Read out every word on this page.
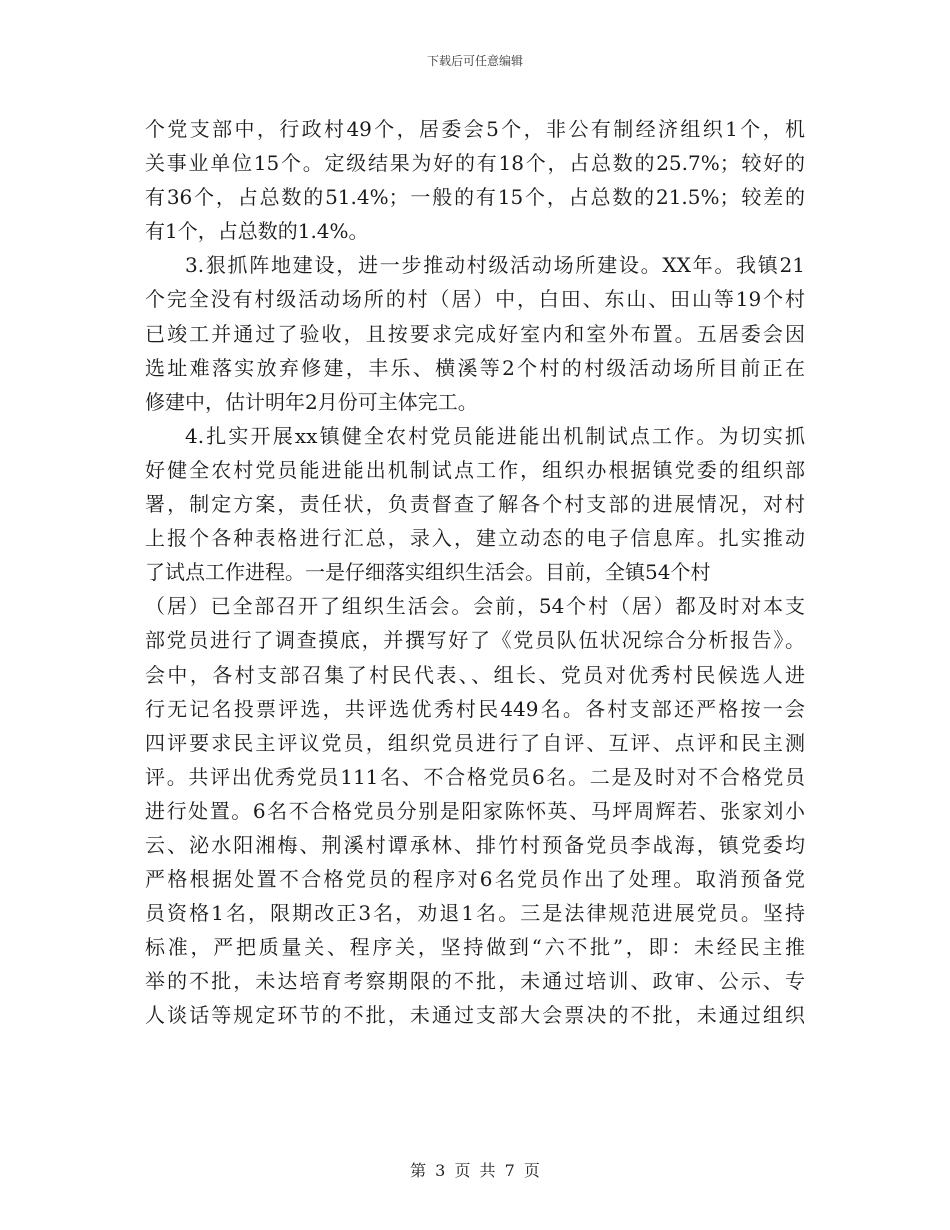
下载后可任意编辑
个党支部中，行政村49个，居委会5个，非公有制经济组织1个，机
关事业单位15个。定级结果为好的有18个，占总数的25.7%；较好的
有36个，占总数的51.4%；一般的有15个，占总数的21.5%；较差的
有1个，占总数的1.4%。
3.狠抓阵地建设，进一步推动村级活动场所建设。XX年。我镇21
个完全没有村级活动场所的村（居）中，白田、东山、田山等19个村
已竣工并通过了验收，且按要求完成好室内和室外布置。五居委会因
选址难落实放弃修建，丰乐、横溪等2个村的村级活动场所目前正在
修建中，估计明年2月份可主体完工。
4.扎实开展xx镇健全农村党员能进能出机制试点工作。为切实抓
好健全农村党员能进能出机制试点工作，组织办根据镇党委的组织部
署，制定方案，责任状，负责督查了解各个村支部的进展情况，对村
上报个各种表格进行汇总，录入，建立动态的电子信息库。扎实推动
了试点工作进程。一是仔细落实组织生活会。目前，全镇54个村
（居）已全部召开了组织生活会。会前，54个村（居）都及时对本支
部党员进行了调查摸底，并撰写好了《党员队伍状况综合分析报告》。
会中，各村支部召集了村民代表、、组长、党员对优秀村民候选人进
行无记名投票评选，共评选优秀村民449名。各村支部还严格按一会
四评要求民主评议党员，组织党员进行了自评、互评、点评和民主测
评。共评出优秀党员111名、不合格党员6名。二是及时对不合格党员
进行处置。6名不合格党员分别是阳家陈怀英、马坪周辉若、张家刘小
云、泌水阳湘梅、荆溪村谭承林、排竹村预备党员李战海，镇党委均
严格根据处置不合格党员的程序对6名党员作出了处理。取消预备党
员资格1名，限期改正3名，劝退1名。三是法律规范进展党员。坚持
标准，严把质量关、程序关，坚持做到“六不批”，即：未经民主推
举的不批，未达培育考察期限的不批，未通过培训、政审、公示、专
人谈话等规定环节的不批，未通过支部大会票决的不批，未通过组织
第 3 页 共 7 页
